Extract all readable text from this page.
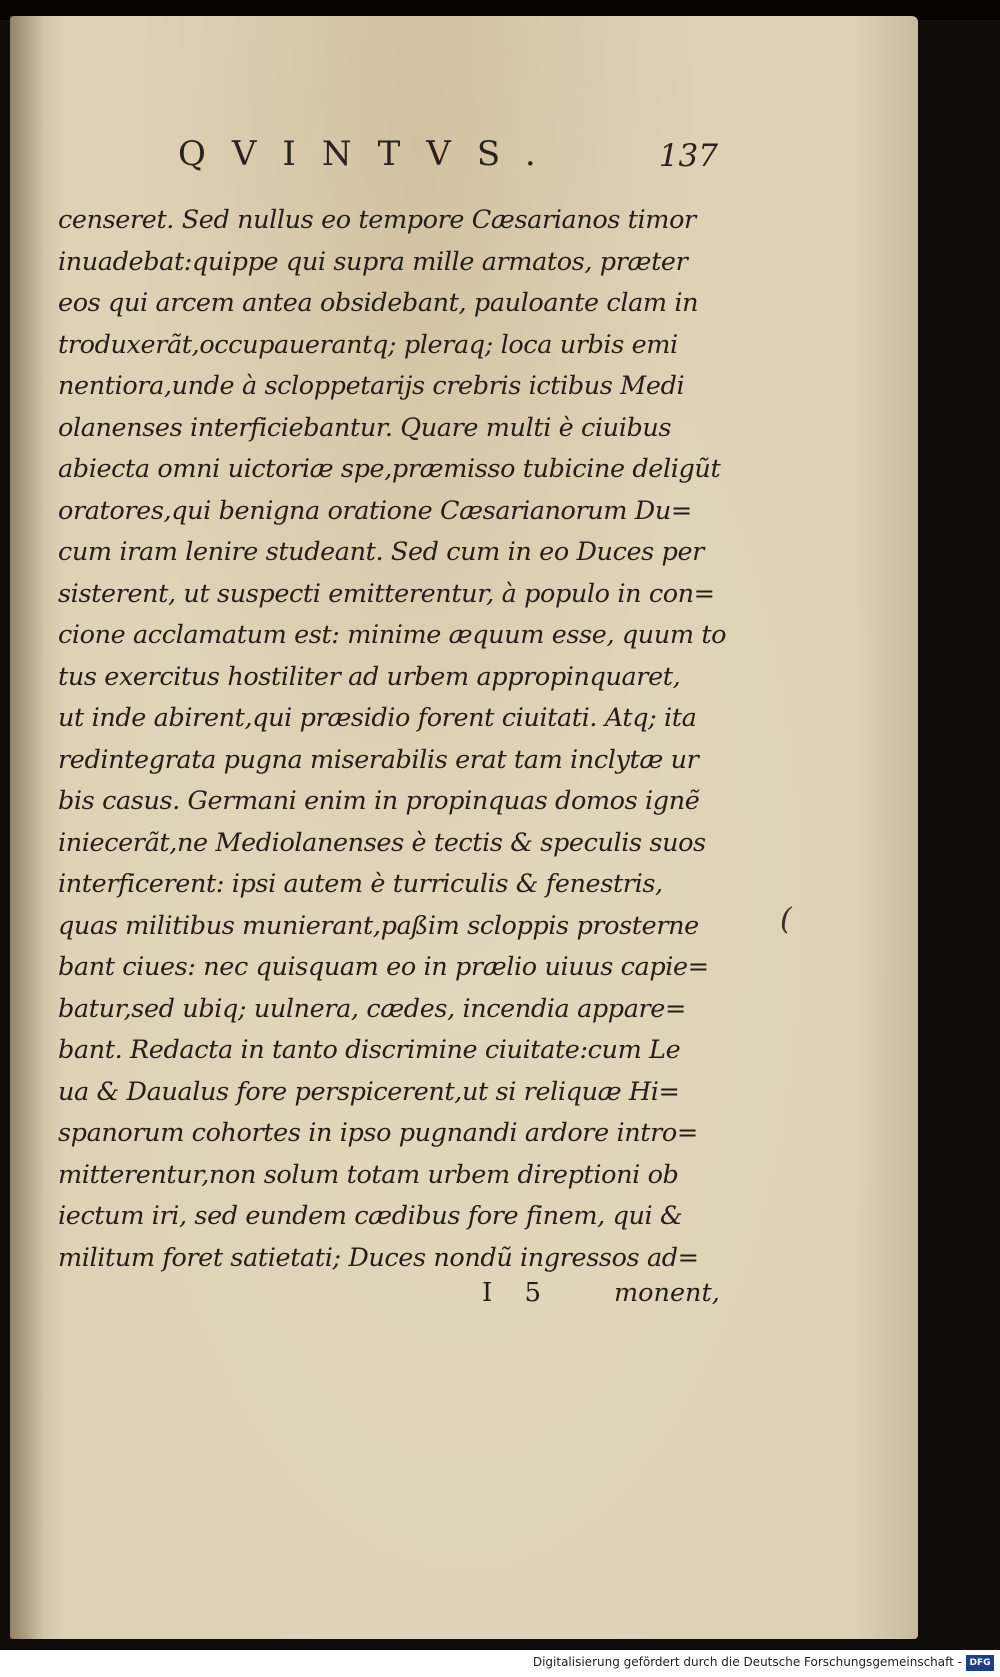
QVINTVS.	137
censeret. Sed nullus eo tempore Cæsarianos timor
inuadebat:quippe qui supra mille armatos, præter
eos qui arcem antea obsidebant, pauloante clam in
troduxerãt,occupauerantq; pleraq; loca urbis emi
nentiora,unde à scloppetarijs crebris ictibus Medi
olanenses interficiebantur. Quare multi è ciuibus
abiecta omni uictoriæ spe,præmisso tubicine deligũt
oratores,qui benigna oratione Cæsarianorum Du=
cum iram lenire studeant. Sed cum in eo Duces per
sisterent, ut suspecti emitterentur, à populo in con=
cione acclamatum est: minime æquum esse, quum to
tus exercitus hostiliter ad urbem appropinquaret,
ut inde abirent,qui præsidio forent ciuitati. Atq; ita
redintegrata pugna miserabilis erat tam inclytæ ur
bis casus. Germani enim in propinquas domos ignẽ
iniecerãt,ne Mediolanenses è tectis & speculis suos
interficerent: ipsi autem è turriculis & fenestris,
quas militibus munierant,paßim scloppis prosterne
bant ciues: nec quisquam eo in prælio uiuus capie=
batur,sed ubiq; uulnera, cædes, incendia appare=
bant. Redacta in tanto discrimine ciuitate:cum Le
ua & Daualus fore perspicerent,ut si reliquæ Hi=
spanorum cohortes in ipso pugnandi ardore intro=
mitterentur,non solum totam urbem direptioni ob
iectum iri, sed eundem cædibus fore finem, qui &
militum foret satietati; Duces nondũ ingressos ad=
I 5 monent,
(
Digitalisierung gefördert durch die Deutsche Forschungsgemeinschaft - DFG
